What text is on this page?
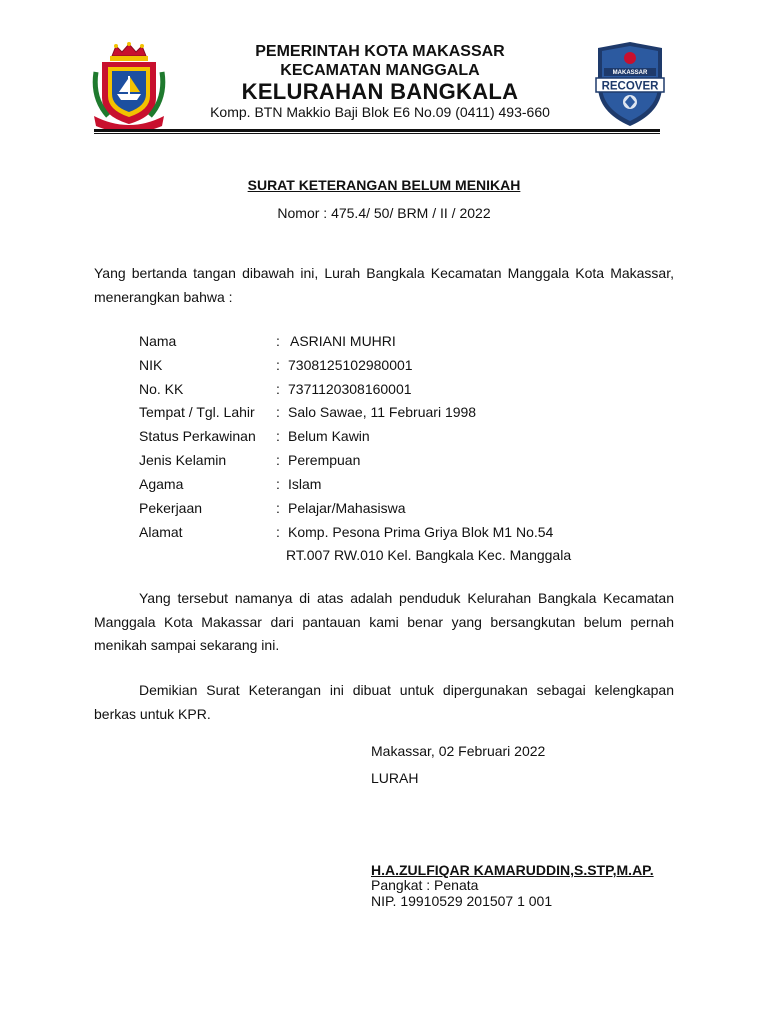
MAKASSAR
RECOVER
PEMERINTAH KOTA MAKASSAR
KECAMATAN MANGGALA
KELURAHAN BANGKALA
Komp. BTN Makkio Baji Blok E6 No.09 (0411) 493-660
SURAT KETERANGAN BELUM MENIKAH
Nomor : 475.4/ 50/ BRM / II / 2022
Yang bertanda tangan dibawah ini, Lurah Bangkala Kecamatan Manggala Kota Makassar, menerangkan bahwa :
Nama	: ASRIANI MUHRI
NIK	: 7308125102980001
No. KK	: 7371120308160001
Tempat / Tgl. Lahir : Salo Sawae, 11 Februari 1998
Status Perkawinan : Belum Kawin
Jenis Kelamin	: Perempuan
Agama	: Islam
Pekerjaan	: Pelajar/Mahasiswa
Alamat	: Komp. Pesona Prima Griya Blok M1 No.54
RT.007 RW.010 Kel. Bangkala Kec. Manggala
Yang tersebut namanya di atas adalah penduduk Kelurahan Bangkala Kecamatan Manggala Kota Makassar dari pantauan kami benar yang bersangkutan belum pernah menikah sampai sekarang ini.
Demikian Surat Keterangan ini dibuat untuk dipergunakan sebagai kelengkapan berkas untuk KPR.
Makassar, 02 Februari 2022
LURAH
H.A.ZULFIQAR KAMARUDDIN,S.STP,M.AP.
Pangkat : Penata
NIP. 19910529 201507 1 001
